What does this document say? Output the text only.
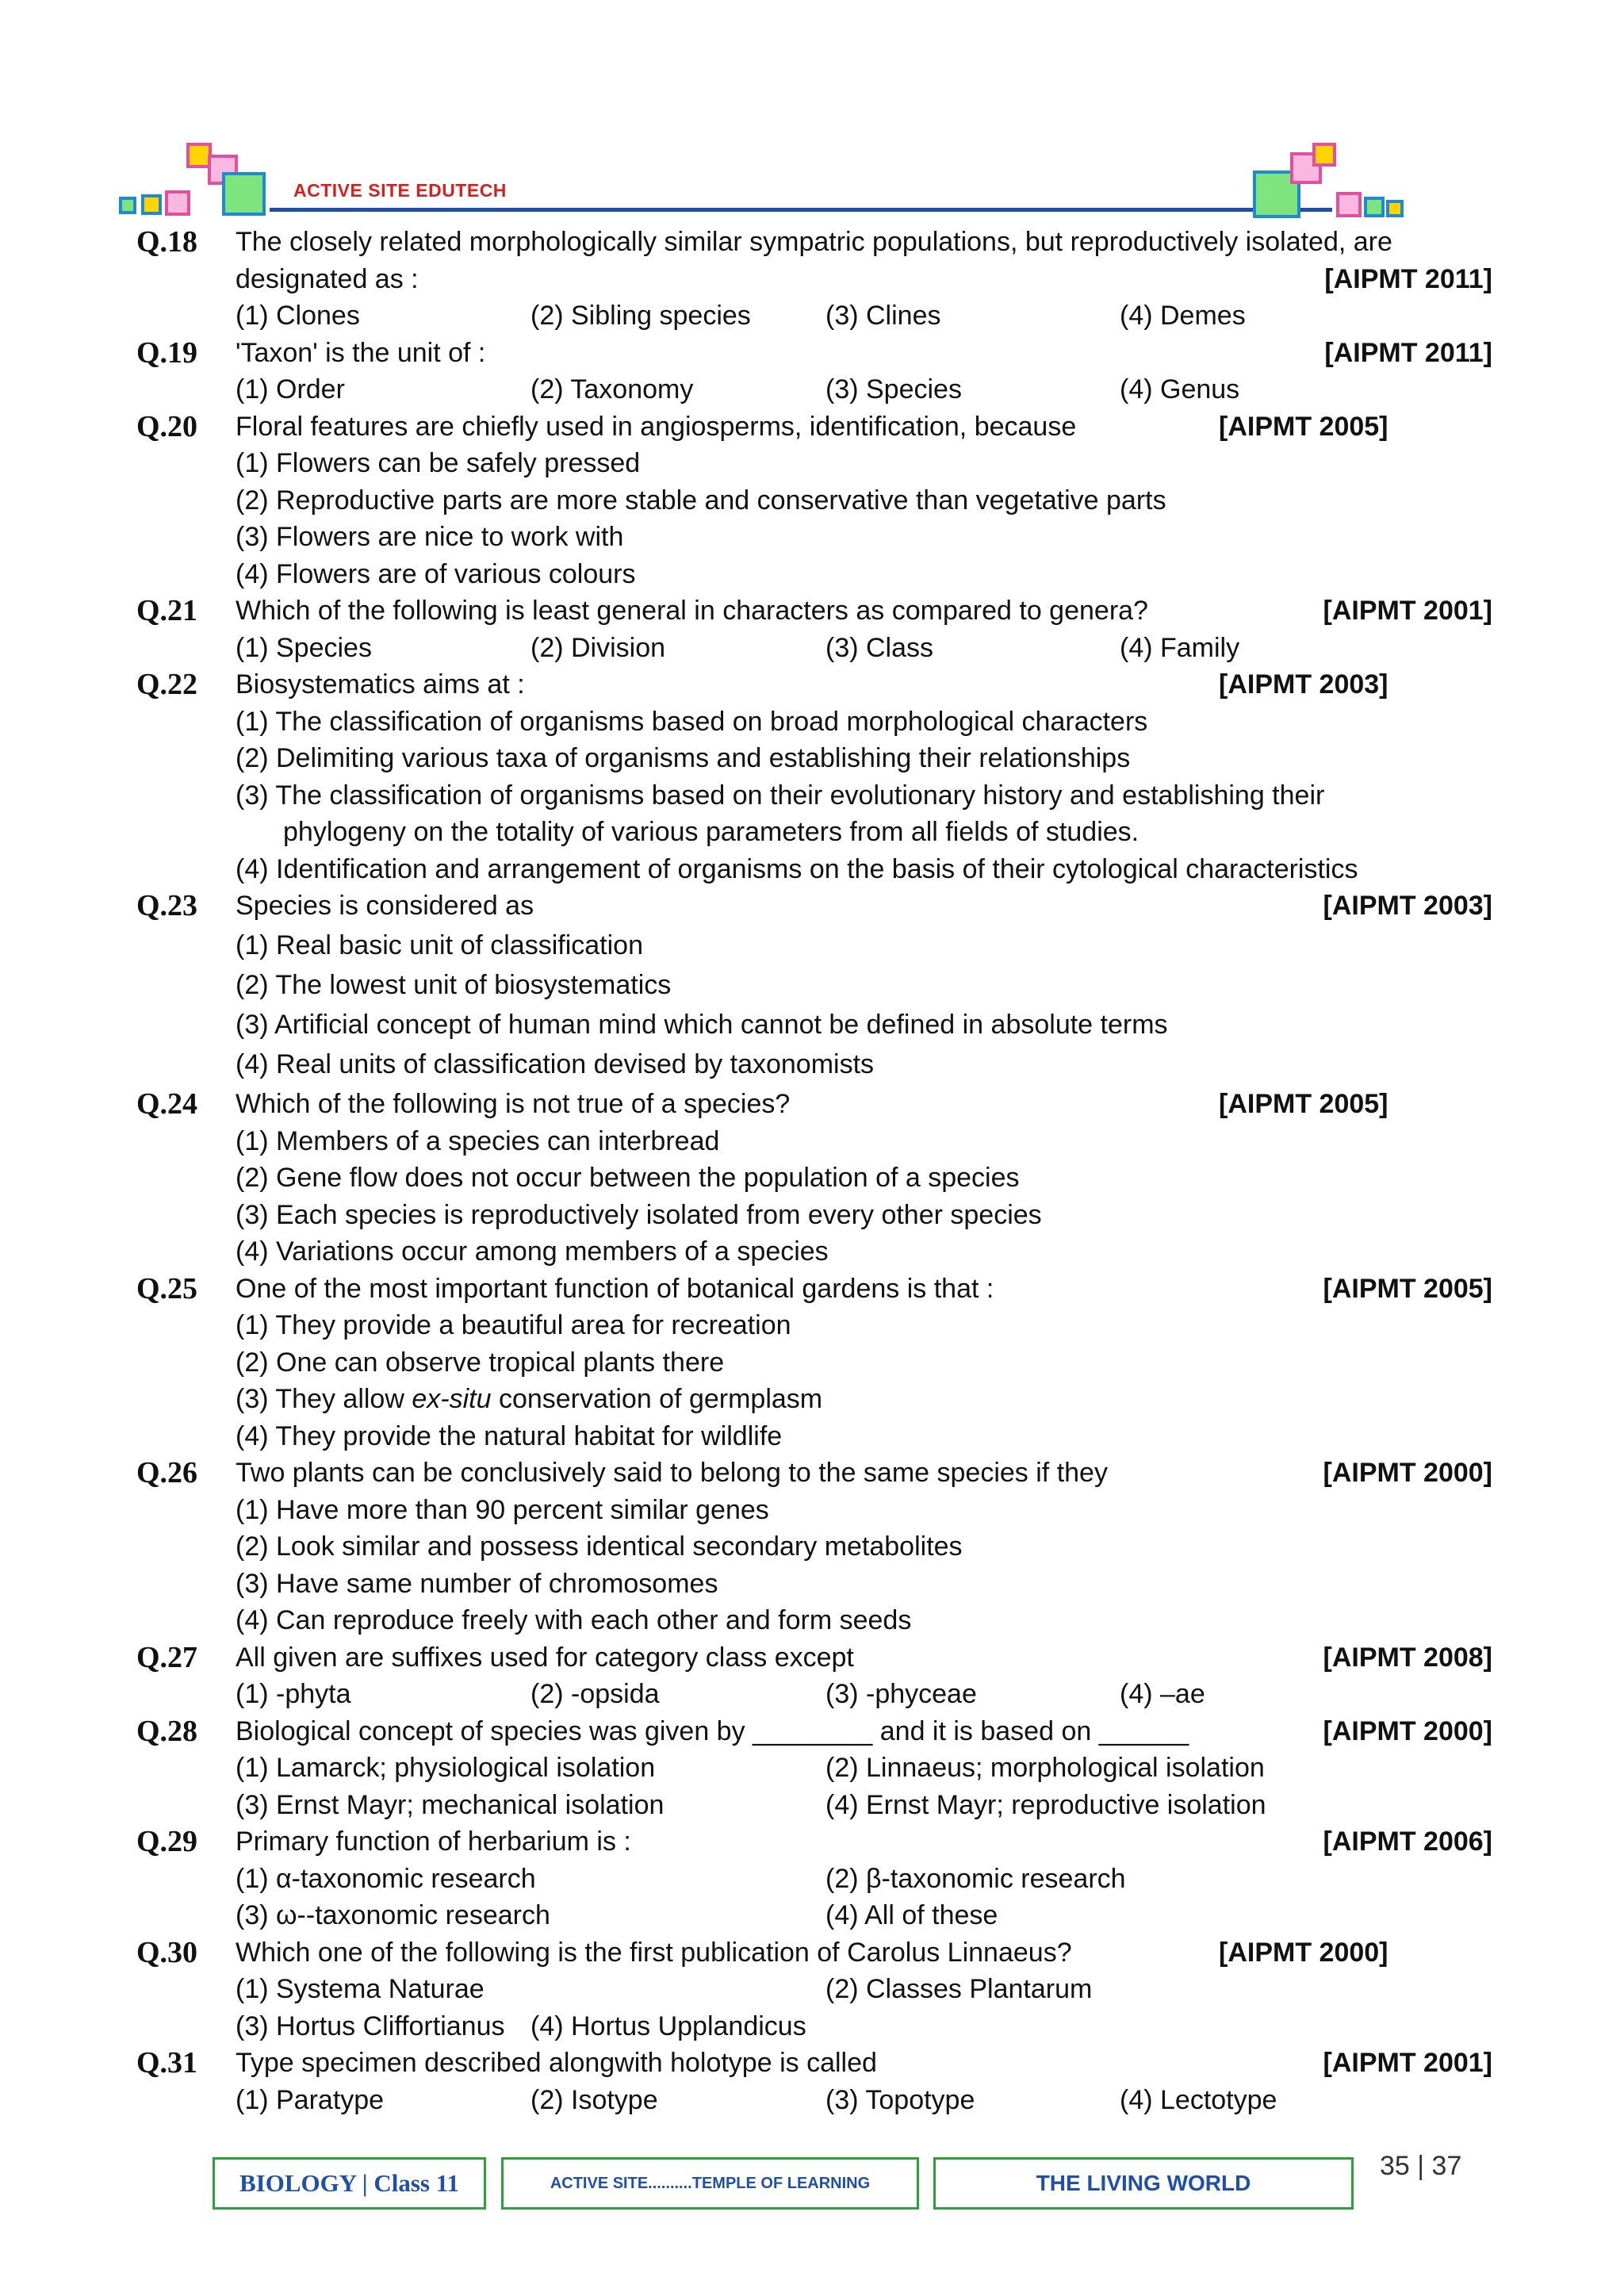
ACTIVE SITE EDUTECH
Q.18	The closely related morphologically similar sympatric populations, but reproductively isolated, are
designated as :	[AIPMT 2011]
(1) Clones	(2) Sibling species	(3) Clines	(4) Demes
Q.19	'Taxon' is the unit of :	[AIPMT 2011]
(1) Order	(2) Taxonomy	(3) Species	(4) Genus
Q.20	Floral features are chiefly used in angiosperms, identification, because	[AIPMT 2005]
(1) Flowers can be safely pressed
(2) Reproductive parts are more stable and conservative than vegetative parts
(3) Flowers are nice to work with
(4) Flowers are of various colours
Q.21	Which of the following is least general in characters as compared to genera?	[AIPMT 2001]
(1) Species	(2) Division	(3) Class	(4) Family
Q.22	Biosystematics aims at :	[AIPMT 2003]
(1) The classification of organisms based on broad morphological characters
(2) Delimiting various taxa of organisms and establishing their relationships
(3) The classification of organisms based on their evolutionary history and establishing their
phylogeny on the totality of various parameters from all fields of studies.
(4) Identification and arrangement of organisms on the basis of their cytological characteristics
Q.23	Species is considered as	[AIPMT 2003]
(1) Real basic unit of classification
(2) The lowest unit of biosystematics
(3) Artificial concept of human mind which cannot be defined in absolute terms
(4) Real units of classification devised by taxonomists
Q.24	Which of the following is not true of a species?	[AIPMT 2005]
(1) Members of a species can interbread
(2) Gene flow does not occur between the population of a species
(3) Each species is reproductively isolated from every other species
(4) Variations occur among members of a species
Q.25	One of the most important function of botanical gardens is that :	[AIPMT 2005]
(1) They provide a beautiful area for recreation
(2) One can observe tropical plants there
(3) They allow ex-situ conservation of germplasm
(4) They provide the natural habitat for wildlife
Q.26	Two plants can be conclusively said to belong to the same species if they	[AIPMT 2000]
(1) Have more than 90 percent similar genes
(2) Look similar and possess identical secondary metabolites
(3) Have same number of chromosomes
(4) Can reproduce freely with each other and form seeds
Q.27	All given are suffixes used for category class except	[AIPMT 2008]
(1) -phyta	(2) -opsida	(3) -phyceae	(4) –ae
Q.28	Biological concept of species was given by ________ and it is based on ______	[AIPMT 2000]
(1) Lamarck; physiological isolation	(2) Linnaeus; morphological isolation
(3) Ernst Mayr; mechanical isolation	(4) Ernst Mayr; reproductive isolation
Q.29	Primary function of herbarium is :	[AIPMT 2006]
(1) α-taxonomic research	(2) β-taxonomic research
(3) ω--taxonomic research	(4) All of these
Q.30	Which one of the following is the first publication of Carolus Linnaeus?	[AIPMT 2000]
(1) Systema Naturae	(2) Classes Plantarum
(3) Hortus Cliffortianus (4) Hortus Upplandicus
Q.31	Type specimen described alongwith holotype is called	[AIPMT 2001]
(1) Paratype	(2) Isotype	(3) Topotype	(4) Lectotype
BIOLOGY | Class 11	ACTIVE SITE..........TEMPLE OF LEARNING	THE LIVING WORLD
35 | 37
